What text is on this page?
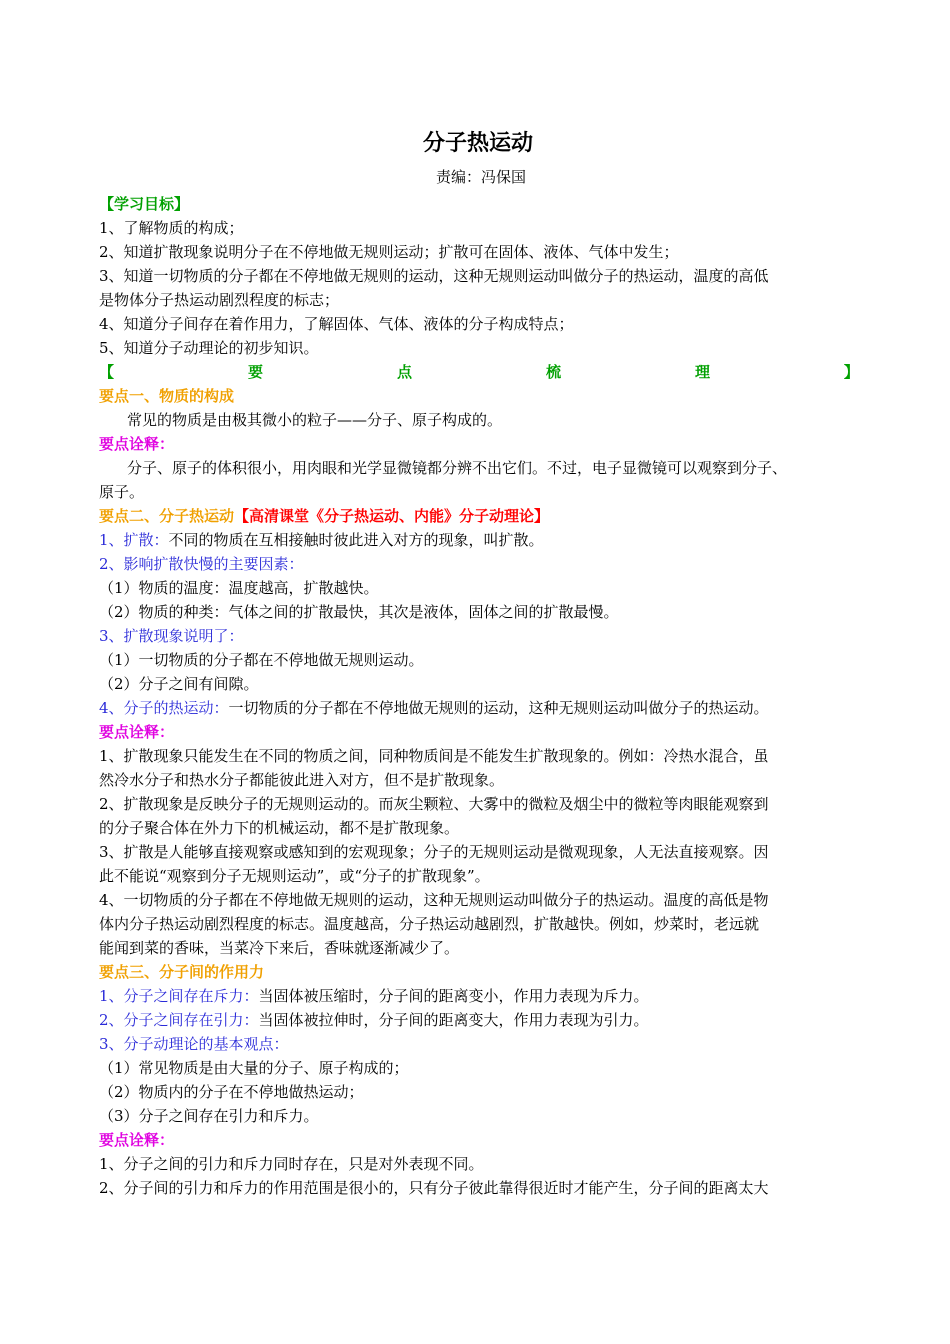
分子热运动
责编：冯保国
【学习目标】
1、了解物质的构成；
2、知道扩散现象说明分子在不停地做无规则运动；扩散可在固体、液体、气体中发生；
3、知道一切物质的分子都在不停地做无规则的运动，这种无规则运动叫做分子的热运动，温度的高低
是物体分子热运动剧烈程度的标志；
4、知道分子间存在着作用力，了解固体、气体、液体的分子构成特点；
5、知道分子动理论的初步知识。
【	要	点	梳	理	】
要点一、物质的构成
常见的物质是由极其微小的粒子——分子、原子构成的。
要点诠释：
分子、原子的体积很小，用肉眼和光学显微镜都分辨不出它们。不过，电子显微镜可以观察到分子、
原子。
要点二、分子热运动【高清课堂《分子热运动、内能》分子动理论】
1、扩散：不同的物质在互相接触时彼此进入对方的现象，叫扩散。
2、影响扩散快慢的主要因素：
（1）物质的温度：温度越高，扩散越快。
（2）物质的种类：气体之间的扩散最快，其次是液体，固体之间的扩散最慢。
3、扩散现象说明了：
（1）一切物质的分子都在不停地做无规则运动。
（2）分子之间有间隙。
4、分子的热运动：一切物质的分子都在不停地做无规则的运动，这种无规则运动叫做分子的热运动。
要点诠释：
1、扩散现象只能发生在不同的物质之间，同种物质间是不能发生扩散现象的。例如：冷热水混合，虽
然冷水分子和热水分子都能彼此进入对方，但不是扩散现象。
2、扩散现象是反映分子的无规则运动的。而灰尘颗粒、大雾中的微粒及烟尘中的微粒等肉眼能观察到
的分子聚合体在外力下的机械运动，都不是扩散现象。
3、扩散是人能够直接观察或感知到的宏观现象；分子的无规则运动是微观现象，人无法直接观察。因
此不能说“观察到分子无规则运动”，或“分子的扩散现象”。
4、一切物质的分子都在不停地做无规则的运动，这种无规则运动叫做分子的热运动。温度的高低是物
体内分子热运动剧烈程度的标志。温度越高，分子热运动越剧烈，扩散越快。例如，炒菜时，老远就
能闻到菜的香味，当菜冷下来后，香味就逐渐减少了。
要点三、分子间的作用力
1、分子之间存在斥力：当固体被压缩时，分子间的距离变小，作用力表现为斥力。
2、分子之间存在引力：当固体被拉伸时，分子间的距离变大，作用力表现为引力。
3、分子动理论的基本观点：
（1）常见物质是由大量的分子、原子构成的；
（2）物质内的分子在不停地做热运动；
（3）分子之间存在引力和斥力。
要点诠释：
1、分子之间的引力和斥力同时存在，只是对外表现不同。
2、分子间的引力和斥力的作用范围是很小的，只有分子彼此靠得很近时才能产生，分子间的距离太大
